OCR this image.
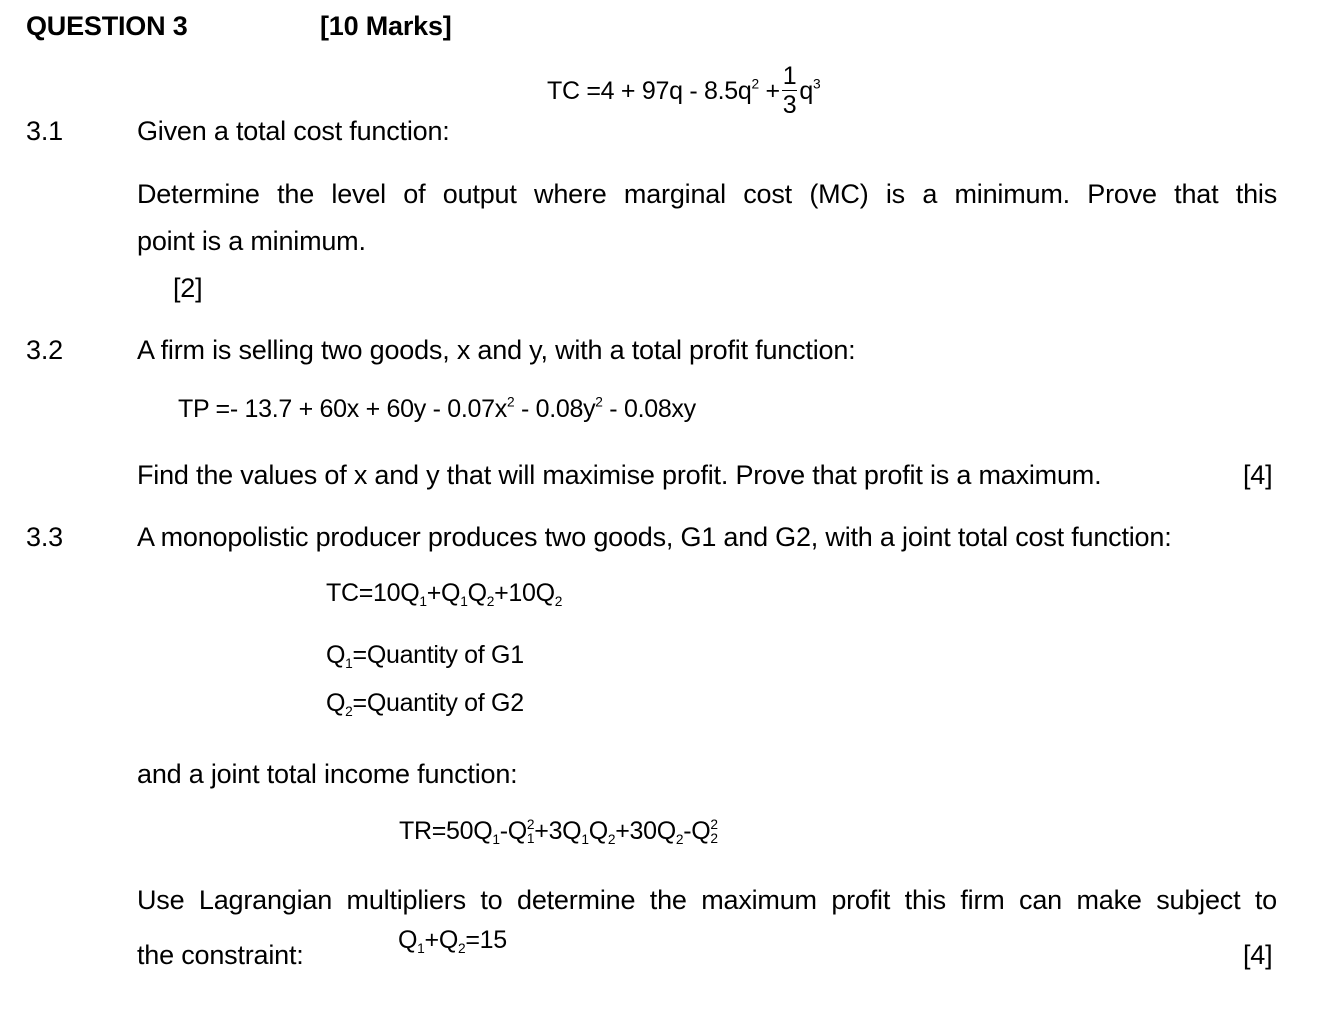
QUESTION 3	[10 Marks]
TC $=4 + 97q - 8.5q^2 + \frac{1}{3} q^3$
3.1	Given a total cost function:
Determine the level of output where marginal cost (MC) is a minimum. Prove that this
point is a minimum.
[2]
3.2	A firm is selling two goods, x and y, with a total profit function:
TP =- $13.7 + 60x + 60y - 0.07x^2 - 0.08y^2 - 0.08xy$
Find the values of x and y that will maximise profit. Prove that profit is a maximum.	[4]
3.3	A monopolistic producer produces two goods, G1 and G2, with a joint total cost function:
$TC=10Q_1+Q_1Q_2+10Q_2$
$Q_1=Quantity$ of G1
$Q_2=Quantity$ of G2
and a joint total income function:
$TR=50Q_1-Q$ 2
$1 +3Q_1Q_2+30Q_2-Q$ 2
2
Use Lagrangian multipliers to determine the maximum profit this firm can make subject to
the constraint:	$Q_1+Q_2=15$	[4]
